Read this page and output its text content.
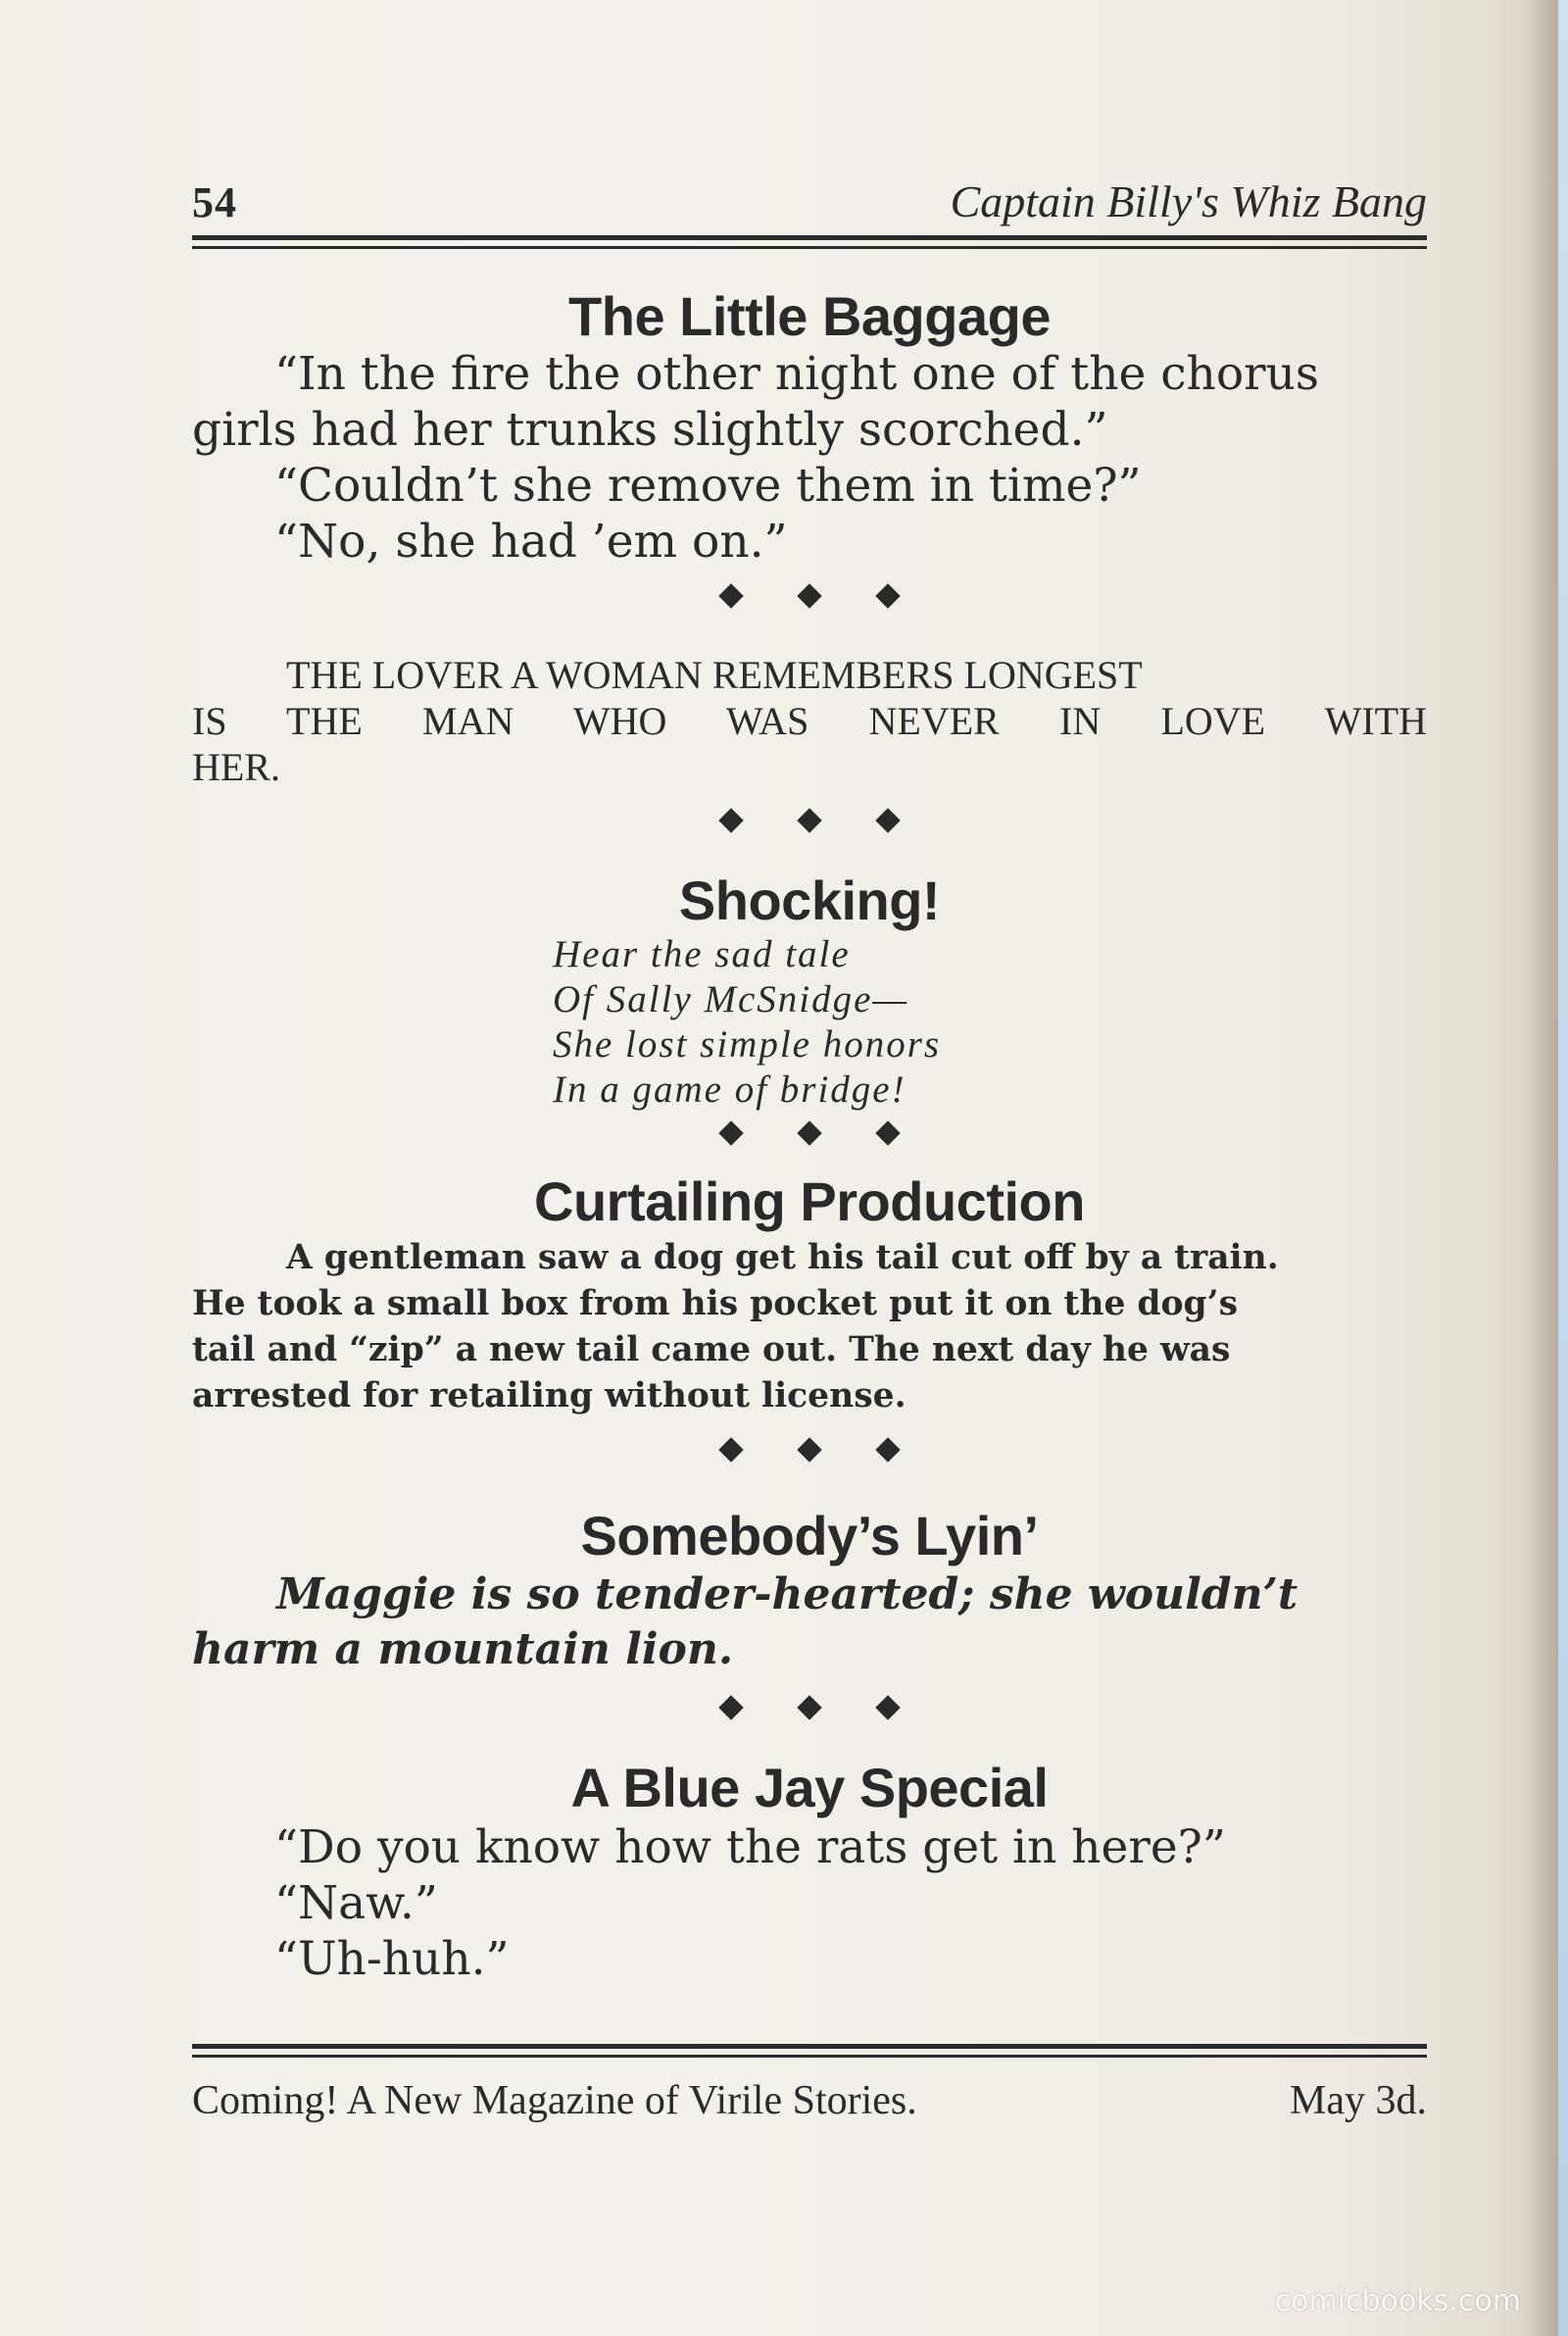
54	Captain Billy's Whiz Bang
The Little Baggage

“In the fire the other night one of the chorus
girls had her trunks slightly scorched.”
“Couldn’t she remove them in time?”
“No, she had ’em on.”

THE LOVER A WOMAN REMEMBERS LONGEST
IS THE MAN WHO WAS NEVER IN LOVE WITH
HER.

Shocking!
Hear the sad tale
Of Sally McSnidge—
She lost simple honors
In a game of bridge!
Curtailing Production

A gentleman saw a dog get his tail cut off by a train.
He took a small box from his pocket put it on the dog’s
tail and “zip” a new tail came out. The next day he was
arrested for retailing without license.

Somebody’s Lyin’

Maggie is so tender-hearted; she wouldn’t
harm a mountain lion.

A Blue Jay Special

“Do you know how the rats get in here?”
“Naw.”
“Uh-huh.”

Coming! A New Magazine of Virile Stories.	May 3d.
comicbooks.com
